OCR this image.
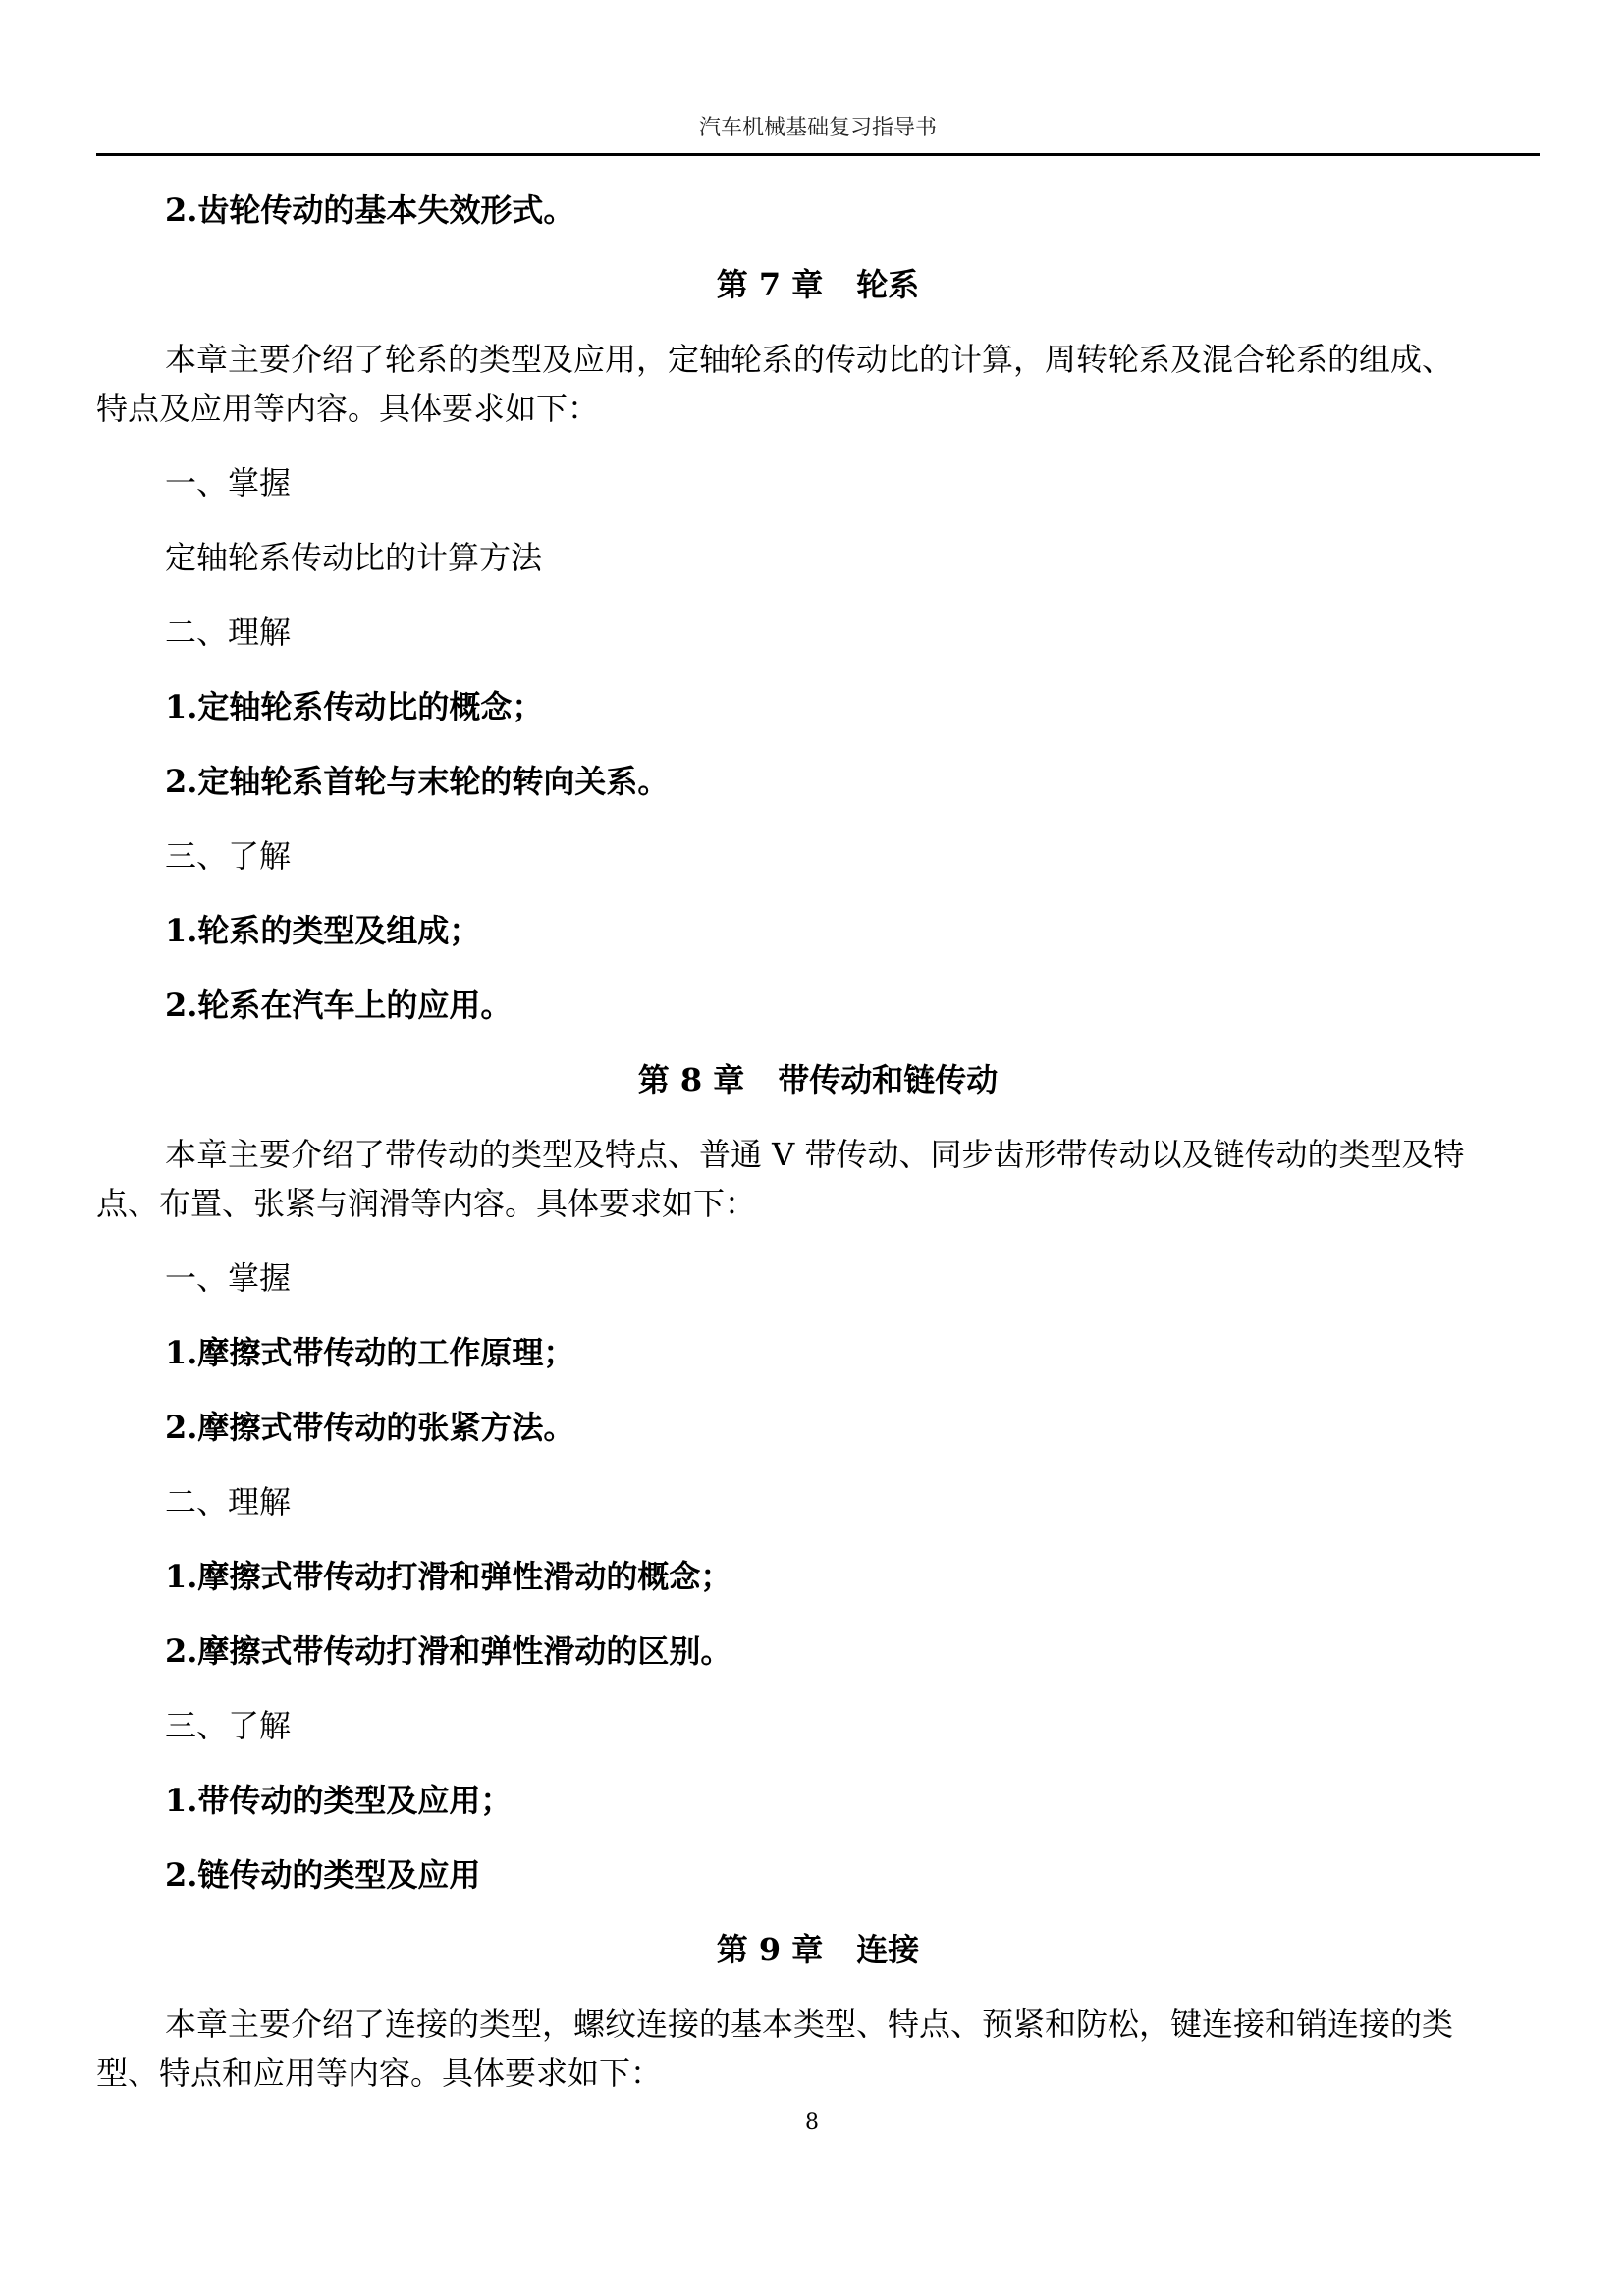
汽车机械基础复习指导书

2.齿轮传动的基本失效形式。

第 7 章 轮系

本章主要介绍了轮系的类型及应用，定轴轮系的传动比的计算，周转轮系及混合轮系的组成、
特点及应用等内容。具体要求如下：

一、掌握

定轴轮系传动比的计算方法

二、理解

1.定轴轮系传动比的概念；

2.定轴轮系首轮与末轮的转向关系。

三、了解

1.轮系的类型及组成；

2.轮系在汽车上的应用。

第 8 章 带传动和链传动

本章主要介绍了带传动的类型及特点、普通 V 带传动、同步齿形带传动以及链传动的类型及特
点、布置、张紧与润滑等内容。具体要求如下：

一、掌握

1.摩擦式带传动的工作原理；

2.摩擦式带传动的张紧方法。

二、理解

1.摩擦式带传动打滑和弹性滑动的概念；

2.摩擦式带传动打滑和弹性滑动的区别。

三、了解

1.带传动的类型及应用；

2.链传动的类型及应用

第 9 章 连接

本章主要介绍了连接的类型，螺纹连接的基本类型、特点、预紧和防松，键连接和销连接的类
型、特点和应用等内容。具体要求如下：

8
